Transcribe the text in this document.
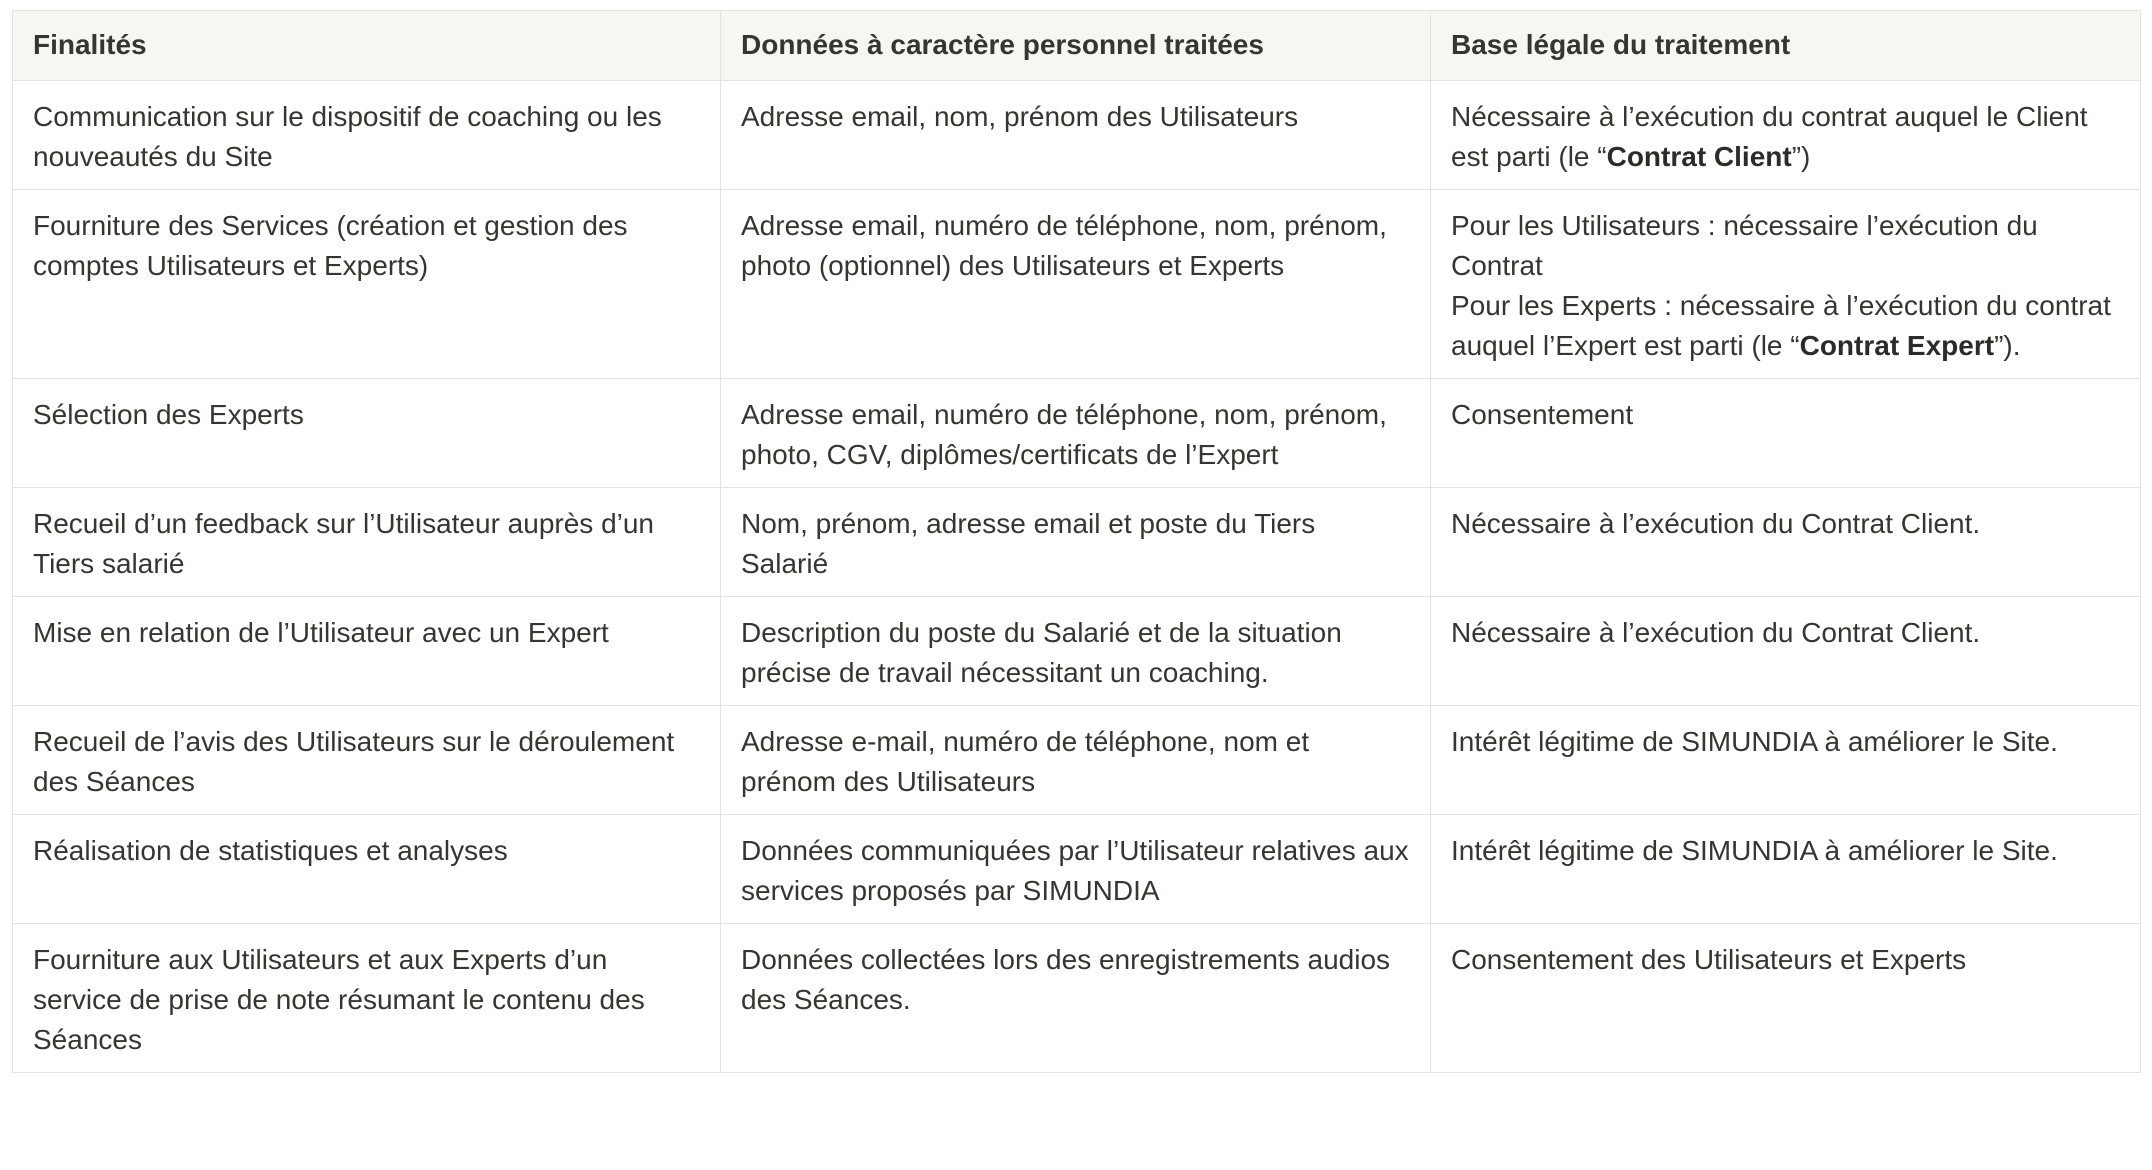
Finalités	Données à caractère personnel traitées	Base légale du traitement
Communication sur le dispositif de coaching ou les nouveautés du Site	Adresse email, nom, prénom des Utilisateurs	Nécessaire à l’exécution du contrat auquel le Client est parti (le “Contrat Client”)
Fourniture des Services (création et gestion des comptes Utilisateurs et Experts)	Adresse email, numéro de téléphone, nom, prénom, photo (optionnel) des Utilisateurs et Experts	Pour les Utilisateurs : nécessaire l’exécution du Contrat
Pour les Experts : nécessaire à l’exécution du contrat auquel l’Expert est parti (le “Contrat Expert”).
Sélection des Experts	Adresse email, numéro de téléphone, nom, prénom, photo, CGV, diplômes/certificats de l’Expert	Consentement
Recueil d’un feedback sur l’Utilisateur auprès d’un Tiers salarié	Nom, prénom, adresse email et poste du Tiers Salarié	Nécessaire à l’exécution du Contrat Client.
Mise en relation de l’Utilisateur avec un Expert	Description du poste du Salarié et de la situation précise de travail nécessitant un coaching.	Nécessaire à l’exécution du Contrat Client.
Recueil de l’avis des Utilisateurs sur le déroulement des Séances	Adresse e-mail, numéro de téléphone, nom et prénom des Utilisateurs	Intérêt légitime de SIMUNDIA à améliorer le Site.
Réalisation de statistiques et analyses	Données communiquées par l’Utilisateur relatives aux services proposés par SIMUNDIA	Intérêt légitime de SIMUNDIA à améliorer le Site.
Fourniture aux Utilisateurs et aux Experts d’un service de prise de note résumant le contenu des Séances	Données collectées lors des enregistrements audios des Séances.	Consentement des Utilisateurs et Experts
